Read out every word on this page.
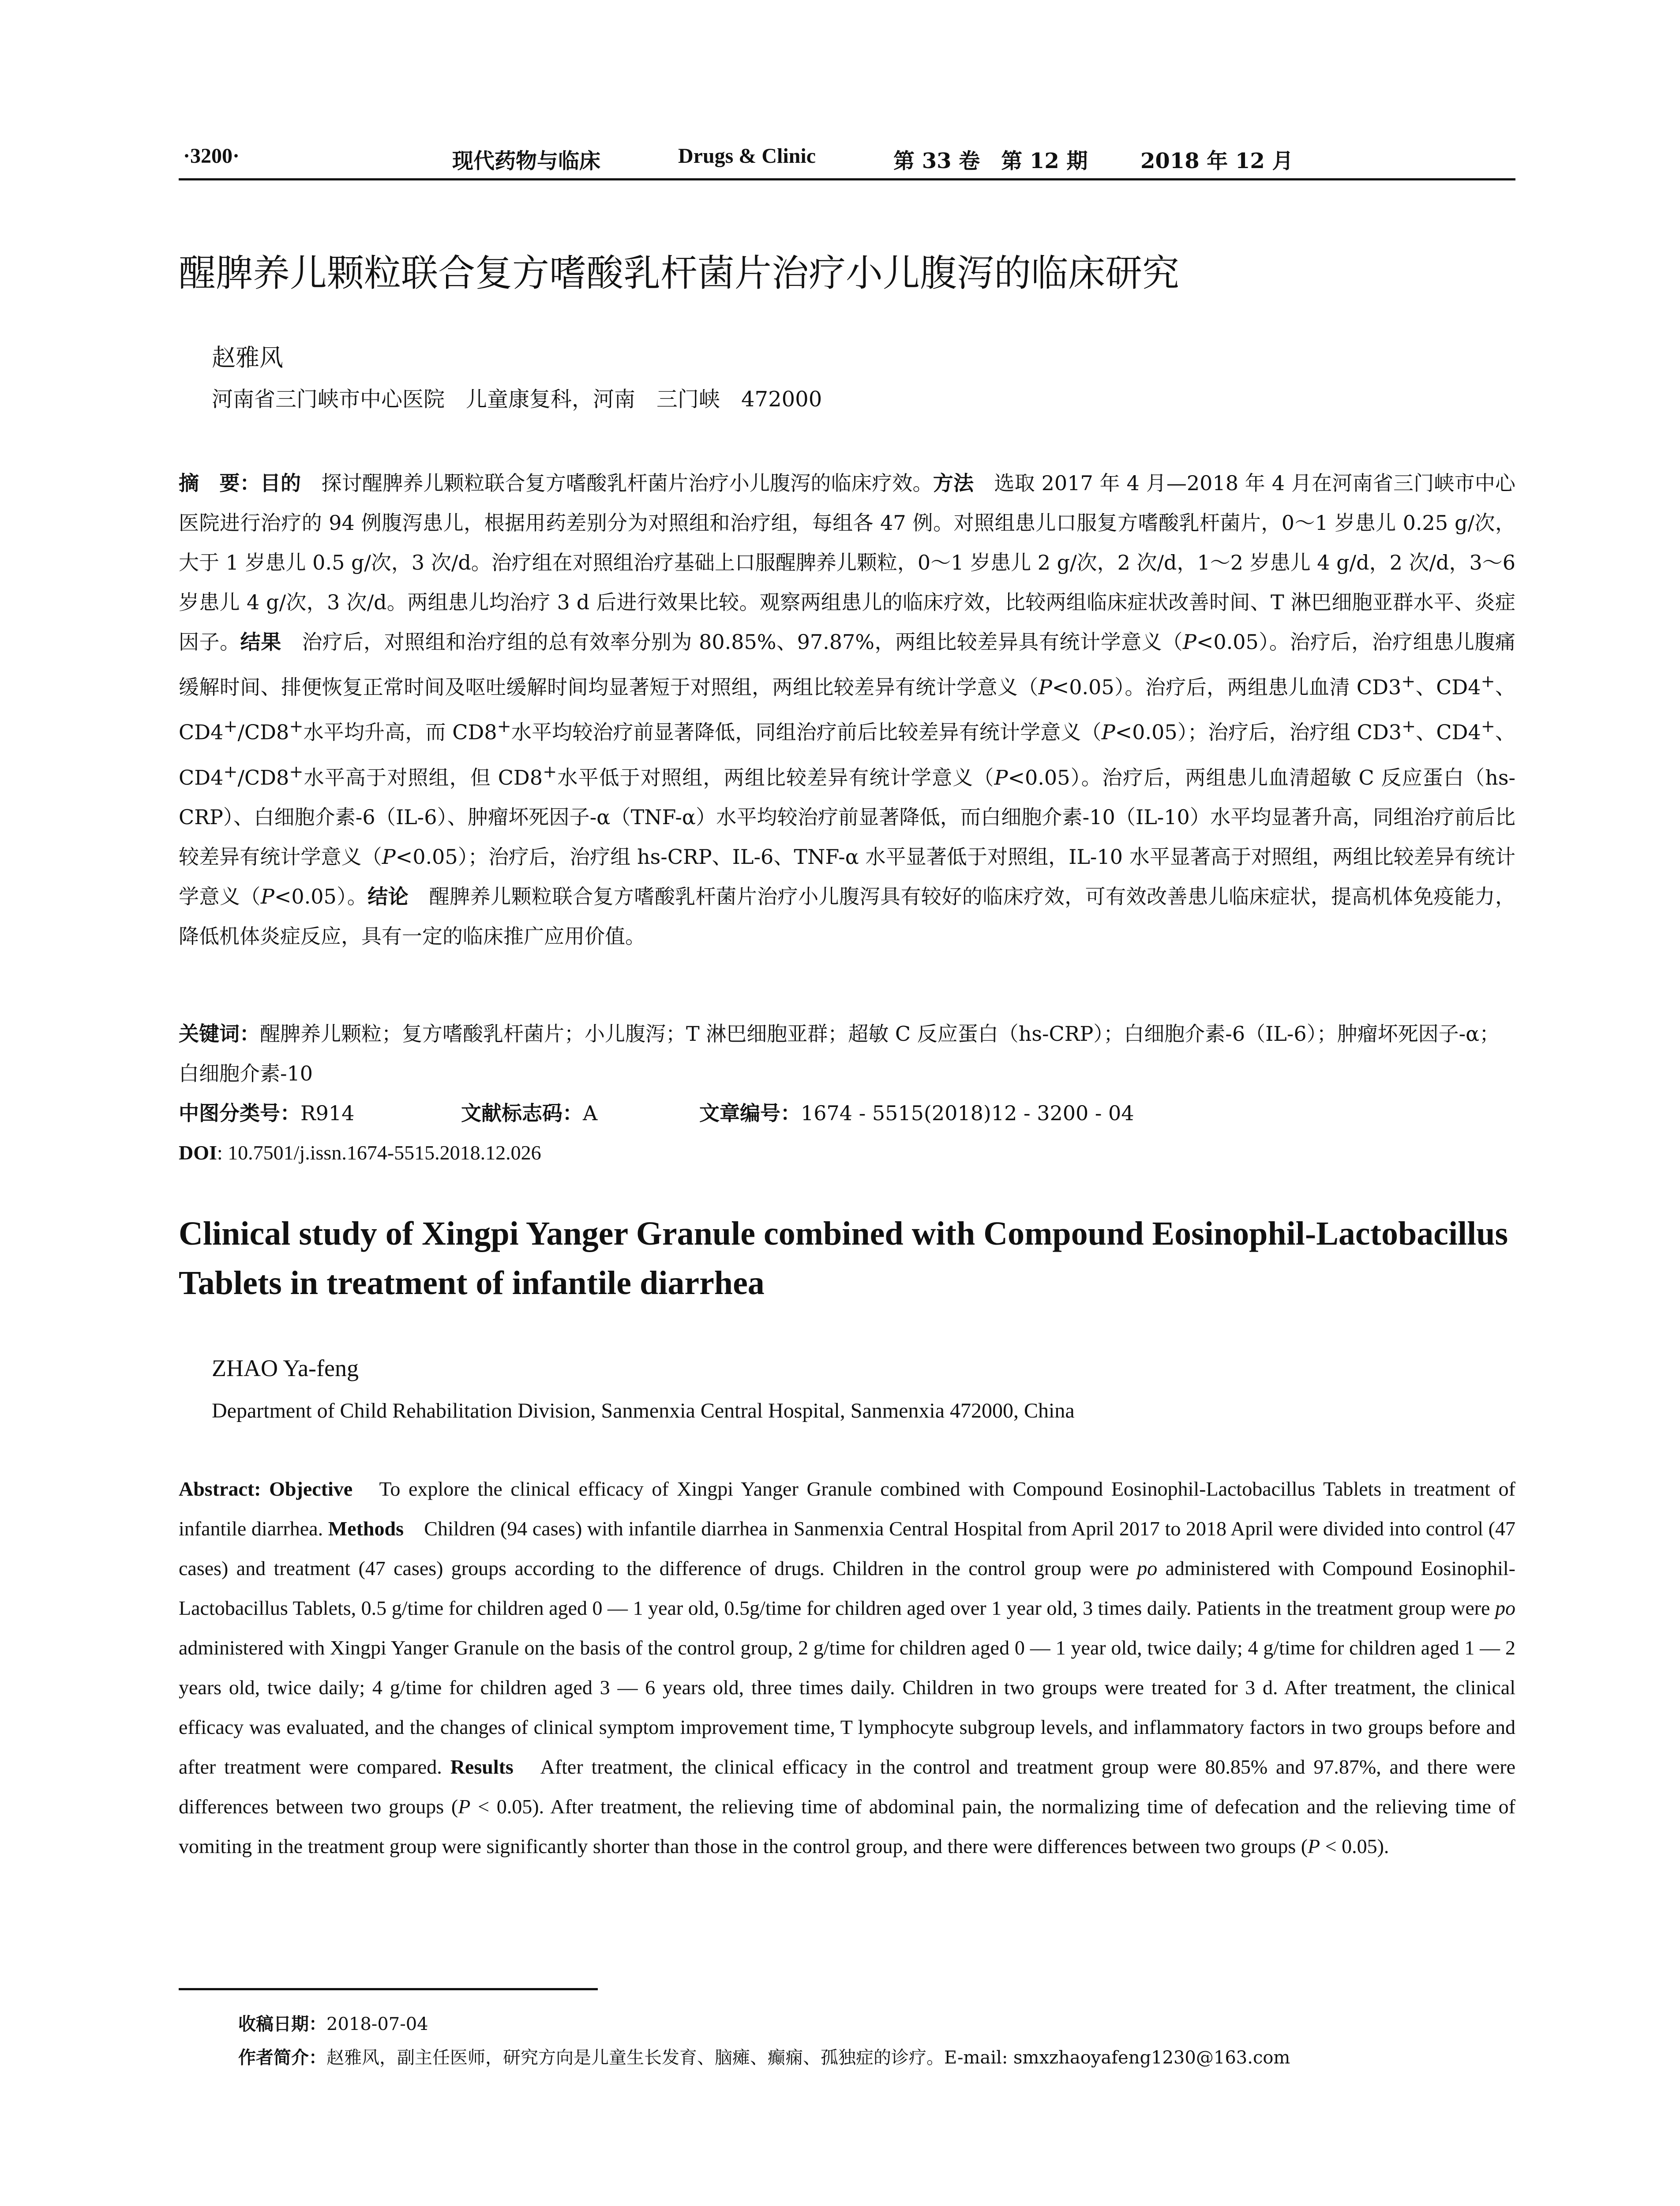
·3200·	现代药物与临床	Drugs & Clinic	第 33 卷　第 12 期 2018 年 12 月
醒脾养儿颗粒联合复方嗜酸乳杆菌片治疗小儿腹泻的临床研究
赵雅风
河南省三门峡市中心医院　儿童康复科，河南　三门峡　472000

摘　要：目的　 探讨醒脾养儿颗粒联合复方嗜酸乳杆菌片治疗小儿腹泻的临床疗效。方法　 选取 2017 年 4 月—2018 年 4 月在河南省三门峡市中心医院进行治疗的 94 例腹泻患儿，根据用药差别分为对照组和治疗组，每组各 47 例。对照组患儿口服复方嗜酸乳杆菌片，0～1 岁患儿 0.25 g/次，大于 1 岁患儿 0.5 g/次，3 次/d。治疗组在对照组治疗基础上口服醒脾养儿颗粒，0～1 岁患儿 2 g/次，2 次/d，1～2 岁患儿 4 g/d，2 次/d，3～6 岁患儿 4 g/次，3 次/d。两组患儿均治疗 3 d 后进行效果比较。观察两组患儿的临床疗效，比较两组临床症状改善时间、T 淋巴细胞亚群水平、炎症因子。结果　 治疗后，对照组和治疗组的总有效率分别为 80.85%、97.87%，两组比较差异具有统计学意义（P<0.05）。治疗后，治疗组患儿腹痛缓解时间、排便恢复正常时间及呕吐缓解时间均显著短于对照组，两组比较差异有统计学意义（P<0.05）。治疗后，两组患儿血清 CD3+、CD4+、CD4+/CD8+水平均升高，而 CD8+水平均较治疗前显著降低，同组治疗前后比较差异有统计学意义（P<0.05）；治疗后，治疗组 CD3+、CD4+、CD4+/CD8+水平高于对照组，但 CD8+水平低于对照组，两组比较差异有统计学意义（P<0.05）。治疗后，两组患儿血清超敏 C 反应蛋白（hs-CRP）、白细胞介素-6（IL-6）、肿瘤坏死因子-α（TNF-α）水平均较治疗前显著降低，而白细胞介素-10（IL-10）水平均显著升高，同组治疗前后比较差异有统计学意义（P<0.05）；治疗后，治疗组 hs-CRP、IL-6、TNF-α 水平显著低于对照组，IL-10 水平显著高于对照组，两组比较差异有统计学意义（P<0.05）。结论　 醒脾养儿颗粒联合复方嗜酸乳杆菌片治疗小儿腹泻具有较好的临床疗效，可有效改善患儿临床症状，提高机体免疫能力，降低机体炎症反应，具有一定的临床推广应用价值。

关键词：醒脾养儿颗粒；复方嗜酸乳杆菌片；小儿腹泻；T 淋巴细胞亚群；超敏 C 反应蛋白（hs-CRP）；白细胞介素-6（IL-6）；肿瘤坏死因子-α；白细胞介素-10

中图分类号：R914	文献标志码：A	文章编号：1674 - 5515(2018)12 - 3200 - 04
DOI: 10.7501/j.issn.1674-5515.2018.12.026
Clinical study of Xingpi Yanger Granule combined with Compound Eosinophil-Lactobacillus Tablets in treatment of infantile diarrhea
ZHAO Ya-feng
Department of Child Rehabilitation Division, Sanmenxia Central Hospital, Sanmenxia 472000, China

Abstract: Objective　 To explore the clinical efficacy of Xingpi Yanger Granule combined with Compound Eosinophil-Lactobacillus Tablets in treatment of infantile diarrhea. Methods　 Children (94 cases) with infantile diarrhea in Sanmenxia Central Hospital from April 2017 to 2018 April were divided into control (47 cases) and treatment (47 cases) groups according to the difference of drugs. Children in the control group were po administered with Compound Eosinophil-Lactobacillus Tablets, 0.5 g/time for children aged 0 — 1 year old, 0.5g/time for children aged over 1 year old, 3 times daily. Patients in the treatment group were po administered with Xingpi Yanger Granule on the basis of the control group, 2 g/time for children aged 0 — 1 year old, twice daily; 4 g/time for children aged 1 — 2 years old, twice daily; 4 g/time for children aged 3 — 6 years old, three times daily. Children in two groups were treated for 3 d. After treatment, the clinical efficacy was evaluated, and the changes of clinical symptom improvement time, T lymphocyte subgroup levels, and inflammatory factors in two groups before and after treatment were compared. Results　 After treatment, the clinical efficacy in the control and treatment group were 80.85% and 97.87%, and there were differences between two groups (P < 0.05). After treatment, the relieving time of abdominal pain, the normalizing time of defecation and the relieving time of vomiting in the treatment group were significantly shorter than those in the control group, and there were differences between two groups (P < 0.05).

收稿日期：2018-07-04
作者简介：赵雅风，副主任医师，研究方向是儿童生长发育、脑瘫、癫痫、孤独症的诊疗。E-mail: smxzhaoyafeng1230@163.com
